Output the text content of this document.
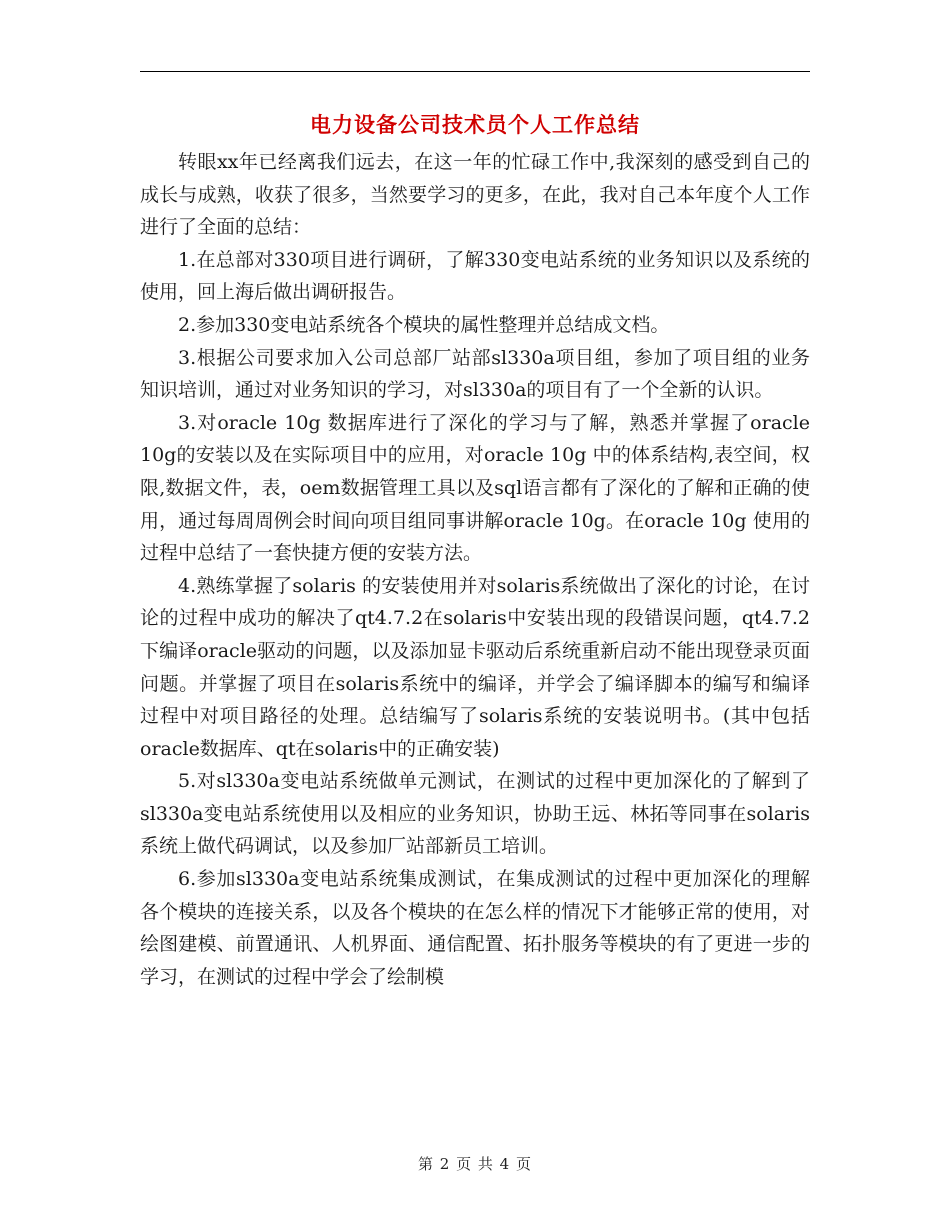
电力设备公司技术员个人工作总结

转眼xx年已经离我们远去，在这一年的忙碌工作中,我深刻的感受到自己的成长与成熟，收获了很多，当然要学习的更多，在此，我对自己本年度个人工作进行了全面的总结：

1.在总部对330项目进行调研，了解330变电站系统的业务知识以及系统的使用，回上海后做出调研报告。

2.参加330变电站系统各个模块的属性整理并总结成文档。

3.根据公司要求加入公司总部厂站部sl330a项目组，参加了项目组的业务知识培训，通过对业务知识的学习，对sl330a的项目有了一个全新的认识。

3.对oracle 10g 数据库进行了深化的学习与了解，熟悉并掌握了oracle 10g的安装以及在实际项目中的应用，对oracle 10g 中的体系结构,表空间，权限,数据文件，表，oem数据管理工具以及sql语言都有了深化的了解和正确的使用，通过每周周例会时间向项目组同事讲解oracle 10g。在oracle 10g 使用的过程中总结了一套快捷方便的安装方法。

4.熟练掌握了solaris 的安装使用并对solaris系统做出了深化的讨论，在讨论的过程中成功的解决了qt4.7.2在solaris中安装出现的段错误问题，qt4.7.2下编译oracle驱动的问题，以及添加显卡驱动后系统重新启动不能出现登录页面问题。并掌握了项目在solaris系统中的编译，并学会了编译脚本的编写和编译过程中对项目路径的处理。总结编写了solaris系统的安装说明书。(其中包括oracle数据库、qt在solaris中的正确安装)

5.对sl330a变电站系统做单元测试，在测试的过程中更加深化的了解到了sl330a变电站系统使用以及相应的业务知识，协助王远、林拓等同事在solaris系统上做代码调试，以及参加厂站部新员工培训。

6.参加sl330a变电站系统集成测试，在集成测试的过程中更加深化的理解各个模块的连接关系，以及各个模块的在怎么样的情况下才能够正常的使用，对绘图建模、前置通讯、人机界面、通信配置、拓扑服务等模块的有了更进一步的学习，在测试的过程中学会了绘制模

第 2 页 共 4 页
